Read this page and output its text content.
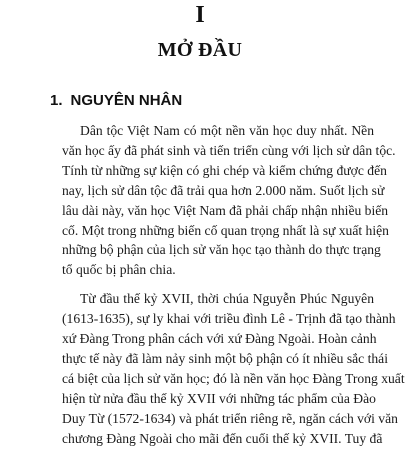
I
MỞ ĐẦU
1. NGUYÊN NHÂN
Dân tộc Việt Nam có một nền văn học duy nhất. Nền
văn học ấy đã phát sinh và tiến triển cùng với lịch sử dân tộc.
Tính từ những sự kiện có ghi chép và kiểm chứng được đến
nay, lịch sử dân tộc đã trải qua hơn 2.000 năm. Suốt lịch sử
lâu dài này, văn học Việt Nam đã phải chấp nhận nhiều biến
cố. Một trong những biến cố quan trọng nhất là sự xuất hiện
những bộ phận của lịch sử văn học tạo thành do thực trạng
tổ quốc bị phân chia.
Từ đầu thế kỷ XVII, thời chúa Nguyễn Phúc Nguyên
(1613-1635), sự ly khai với triều đình Lê - Trịnh đã tạo thành
xứ Đàng Trong phân cách với xứ Đàng Ngoài. Hoàn cảnh
thực tế này đã làm nảy sinh một bộ phận có ít nhiều sắc thái
cá biệt của lịch sử văn học; đó là nền văn học Đàng Trong xuất
hiện từ nửa đầu thế kỷ XVII với những tác phẩm của Đào
Duy Từ (1572-1634) và phát triển riêng rẽ, ngăn cách với văn
chương Đàng Ngoài cho mãi đến cuối thế kỷ XVII. Tuy đã
